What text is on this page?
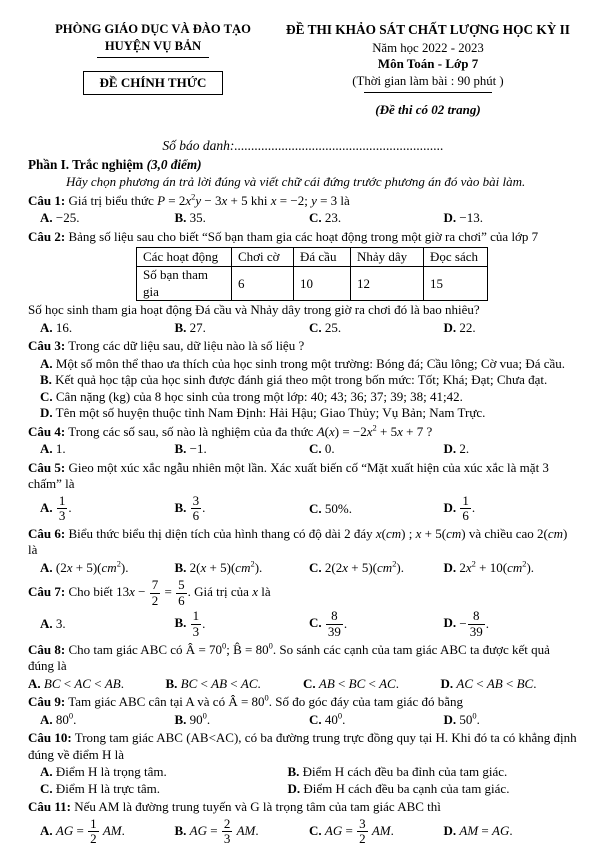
PHÒNG GIÁO DỤC VÀ ĐÀO TẠO
HUYỆN VỤ BẢN
ĐỀ CHÍNH THỨC
ĐỀ THI KHẢO SÁT CHẤT LƯỢNG HỌC KỲ II
Năm học 2022 - 2023
Môn Toán - Lớp 7
(Thời gian làm bài : 90 phút )
(Đề thi có 02 trang)
Số báo danh:..............................................................
Phần I. Trắc nghiệm (3,0 điểm)
Hãy chọn phương án trả lời đúng và viết chữ cái đứng trước phương án đó vào bài làm.

Câu 1: Giá trị biểu thức $P = 2x^2y - 3x + 5$ khi x = −2; y = 3 là

A. −25.	B. 35.	C. 23.	D. −13.

Câu 2: Bảng số liệu sau cho biết “Số bạn tham gia các hoạt động trong một giờ ra chơi” của lớp 7

Các hoạt động	Chơi cờ	Đá cầu	Nhảy dây	Đọc sách
Số bạn tham gia	6	10	12	15

Số học sinh tham gia hoạt động Đá cầu và Nhảy dây trong giờ ra chơi đó là bao nhiêu?

A. 16.	B. 27.	C. 25.	D. 22.

Câu 3: Trong các dữ liệu sau, dữ liệu nào là số liệu ?

A. Một số môn thể thao ưa thích của học sinh trong một trường: Bóng đá; Cầu lông; Cờ vua; Đá cầu.
B. Kết quả học tập của học sinh được đánh giá theo một trong bốn mức: Tốt; Khá; Đạt; Chưa đạt.
C. Cân nặng (kg) của 8 học sinh của trong một lớp: 40; 43; 36; 37; 39; 38; 41;42.
D. Tên một số huyện thuộc tỉnh Nam Định: Hải Hậu; Giao Thủy; Vụ Bản; Nam Trực.

Câu 4: Trong các số sau, số nào là nghiệm của đa thức $A(x) = -2x^2 + 5x + 7$ ?

A. 1.	B. −1.	C. 0.	D. 2.

Câu 5: Gieo một xúc xắc ngẫu nhiên một lần. Xác xuất biến cố “Mặt xuất hiện của xúc xắc là mặt 3 chấm” là

A. $\frac{1}{3}$ .	B. $\frac{3}{6}$ .	C. 50%.	D. $\frac{1}{6}$ .

Câu 6: Biểu thức biểu thị diện tích của hình thang có độ dài 2 đáy x(cm) ; x + 5(cm) và chiều cao 2(cm) là

A. $(2x + 5)(cm^2)$.	B. $2(x + 5)(cm^2)$.	C. $2(2x + 5)(cm^2)$.	D. $2x^2 + 10(cm^2)$.

Câu 7: Cho biết $13x - \frac{7}{2} = \frac{5}{6}$ . Giá trị của x là

A. 3.	B. $\frac{1}{3}$ .	C. $\frac{8}{39}$ .	D. − $\frac{8}{39}$ .

Câu 8: Cho tam giác ABC có Â = $70^0$; B̂ = $80^0$. So sánh các cạnh của tam giác ABC ta được kết quả đúng là

A. BC < AC < AB.	B. BC < AB < AC.	C. AB < BC < AC.	D. AC < AB < BC.

Câu 9: Tam giác ABC cân tại A và có Â = $80^0$. Số đo góc đáy của tam giác đó bằng

A. $80^0$.	B. $90^0$.	C. $40^0$.	D. $50^0$.

Câu 10: Trong tam giác ABC (AB<AC), có ba đường trung trực đồng quy tại H. Khi đó ta có khẳng định đúng về điểm H là

A. Điểm H là trọng tâm.	B. Điểm H cách đều ba đỉnh của tam giác.
C. Điểm H là trực tâm.	D. Điểm H cách đều ba cạnh của tam giác.

Câu 11: Nếu AM là đường trung tuyến và G là trọng tâm của tam giác ABC thì

A. AG = $\frac{1}{2}$ AM.	B. AG = $\frac{2}{3}$ AM.	C. AG = $\frac{3}{2}$ AM.	D. AM = AG.
